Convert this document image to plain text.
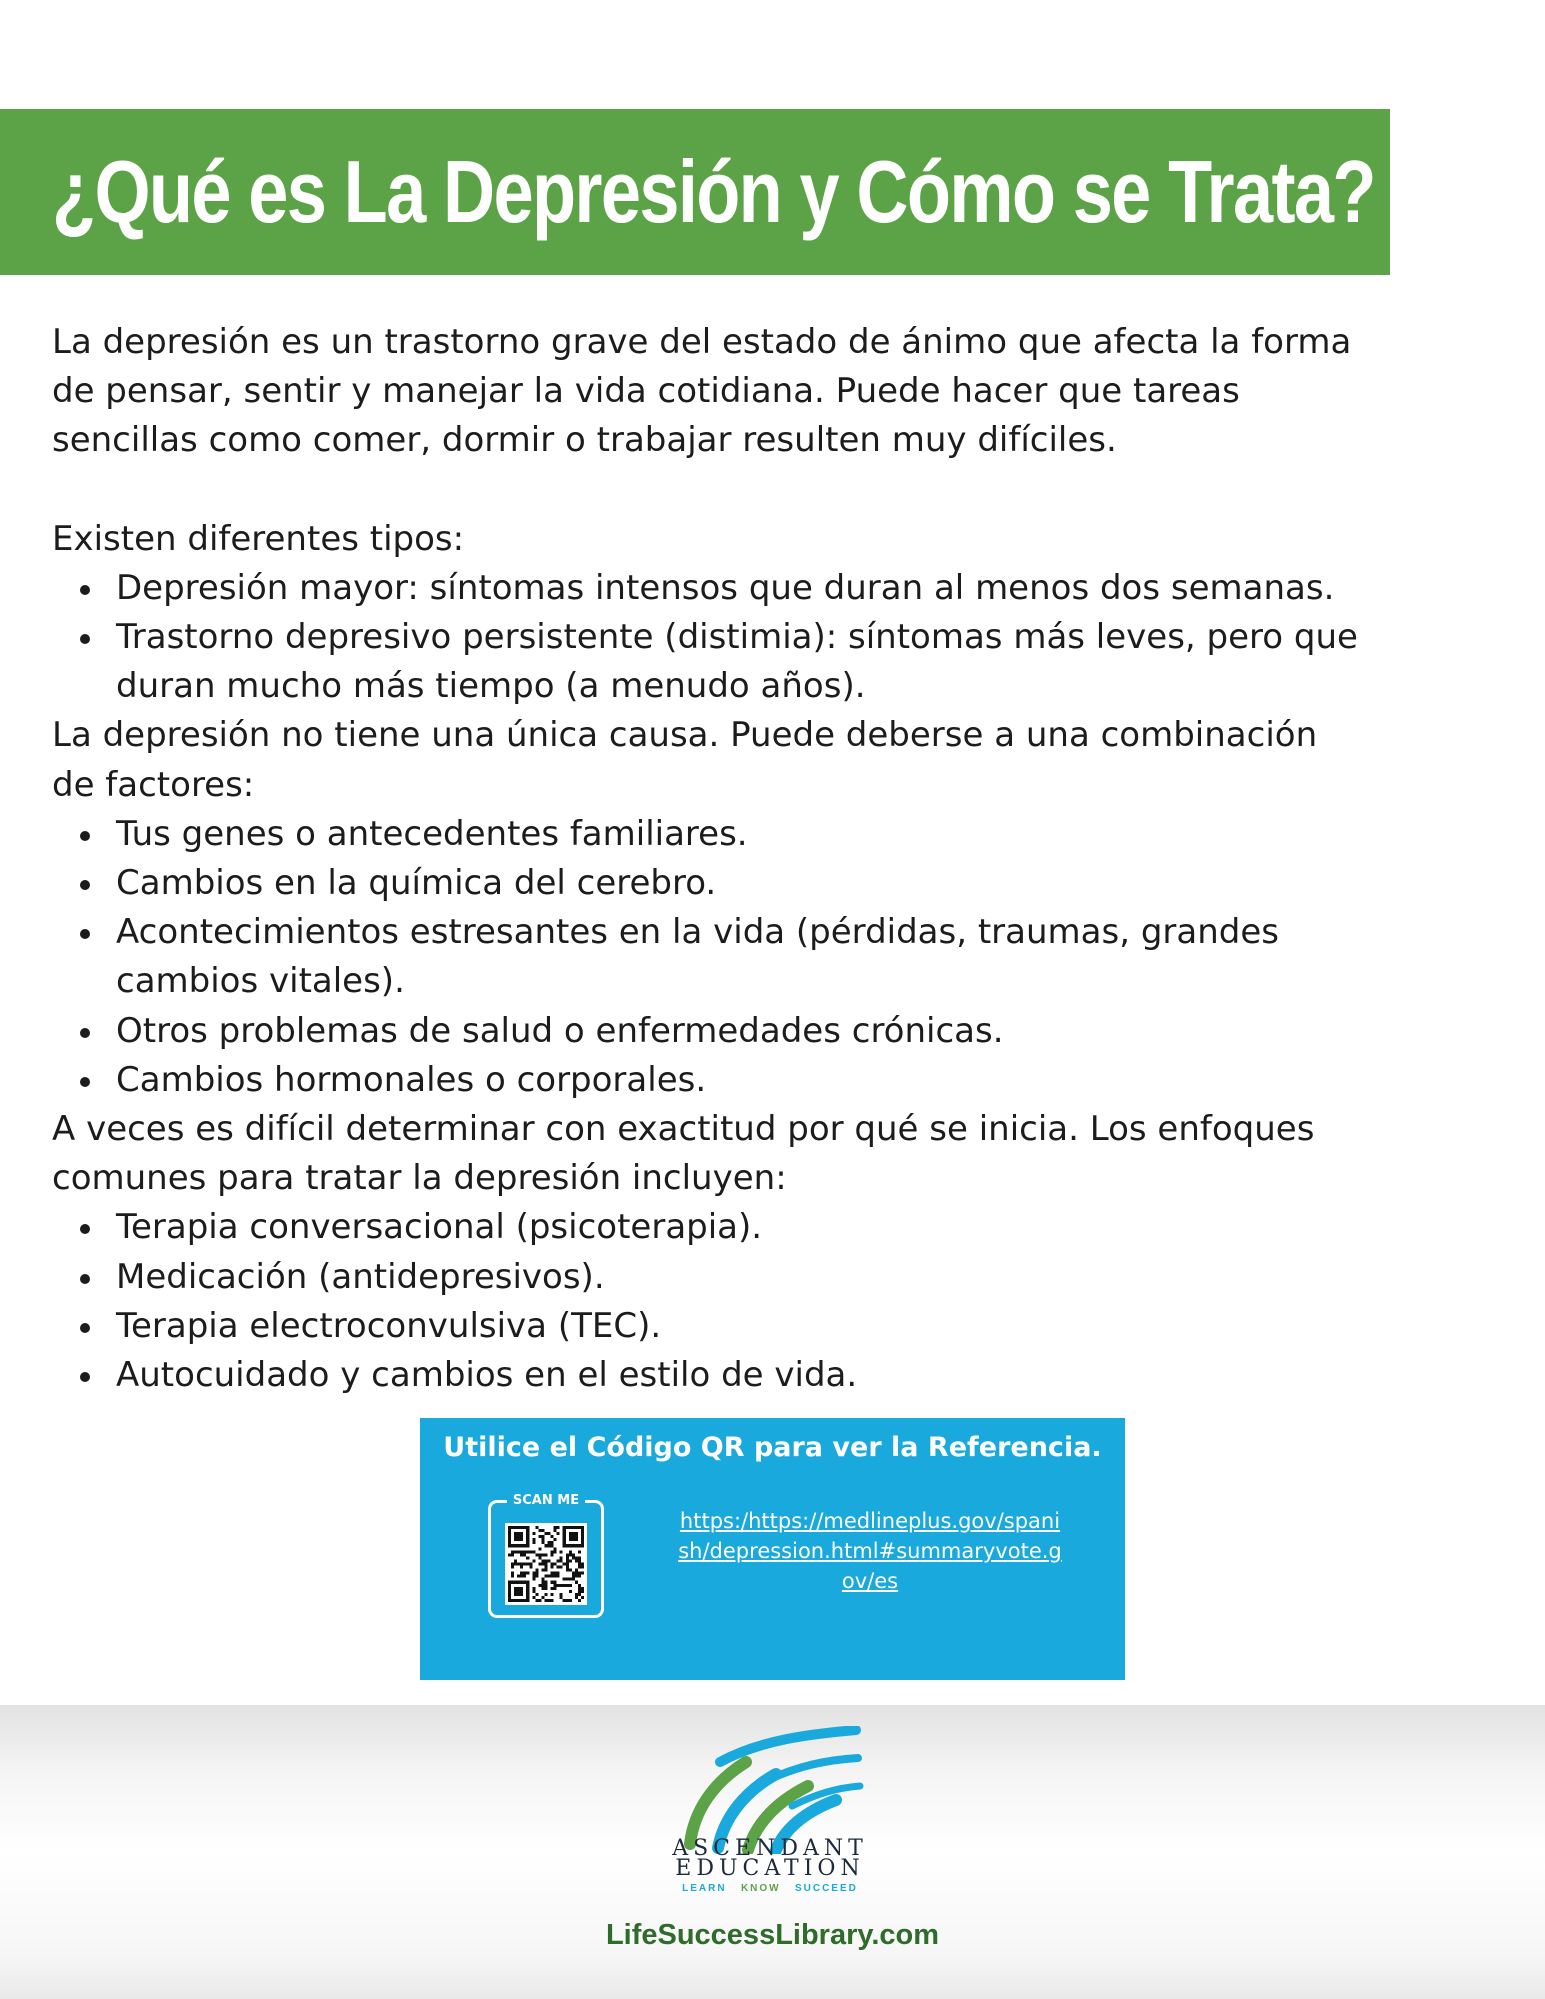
¿Qué es La Depresión y Cómo se Trata?

La depresión es un trastorno grave del estado de ánimo que afecta la forma
de pensar, sentir y manejar la vida cotidiana. Puede hacer que tareas
sencillas como comer, dormir o trabajar resulten muy difíciles.

Existen diferentes tipos:

Depresión mayor: síntomas intensos que duran al menos dos semanas.
Trastorno depresivo persistente (distimia): síntomas más leves, pero que
duran mucho más tiempo (a menudo años).

La depresión no tiene una única causa. Puede deberse a una combinación
de factores:

Tus genes o antecedentes familiares.
Cambios en la química del cerebro.
Acontecimientos estresantes en la vida (pérdidas, traumas, grandes
cambios vitales).
Otros problemas de salud o enfermedades crónicas.
Cambios hormonales o corporales.

A veces es difícil determinar con exactitud por qué se inicia. Los enfoques
comunes para tratar la depresión incluyen:

Terapia conversacional (psicoterapia).
Medicación (antidepresivos).
Terapia electroconvulsiva (TEC).
Autocuidado y cambios en el estilo de vida.
Utilice el Código QR para ver la Referencia.
SCAN ME
https:/https://medlineplus.gov/spani
sh/depression.html#summaryvote.g
ov/es
ASCENDANT
EDUCATION
LEARN KNOW SUCCEED
LifeSuccessLibrary.com
